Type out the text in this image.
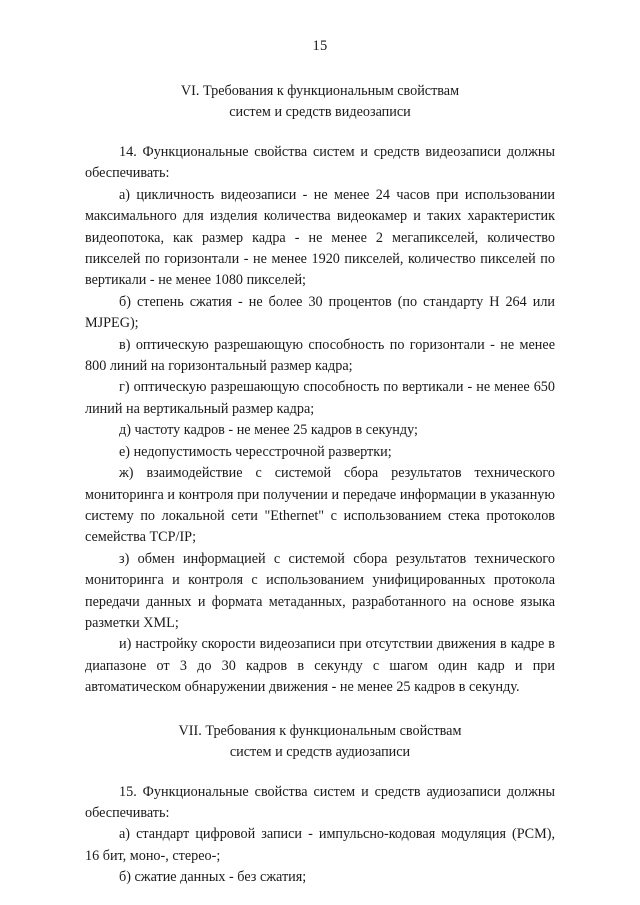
15
VI. Требования к функциональным свойствам
систем и средств видеозаписи

14. Функциональные свойства систем и средств видеозаписи должны обеспечивать:

а) цикличность видеозаписи - не менее 24 часов при использовании максимального для изделия количества видеокамер и таких характеристик видеопотока, как размер кадра - не менее 2 мегапикселей, количество пикселей по горизонтали - не менее 1920 пикселей, количество пикселей по вертикали - не менее 1080 пикселей;

б) степень сжатия - не более 30 процентов (по стандарту H 264 или MJPEG);

в) оптическую разрешающую способность по горизонтали - не менее 800 линий на горизонтальный размер кадра;

г) оптическую разрешающую способность по вертикали - не менее 650 линий на вертикальный размер кадра;

д) частоту кадров - не менее 25 кадров в секунду;

е) недопустимость чересстрочной развертки;

ж) взаимодействие с системой сбора результатов технического мониторинга и контроля при получении и передаче информации в указанную систему по локальной сети "Ethernet" с использованием стека протоколов семейства TCP/IP;

з) обмен информацией с системой сбора результатов технического мониторинга и контроля с использованием унифицированных протокола передачи данных и формата метаданных, разработанного на основе языка разметки XML;

и) настройку скорости видеозаписи при отсутствии движения в кадре в диапазоне от 3 до 30 кадров в секунду с шагом один кадр и при автоматическом обнаружении движения - не менее 25 кадров в секунду.

VII. Требования к функциональным свойствам
систем и средств аудиозаписи

15. Функциональные свойства систем и средств аудиозаписи должны обеспечивать:

а) стандарт цифровой записи - импульсно-кодовая модуляция (PCM), 16 бит, моно-, стерео-;

б) сжатие данных - без сжатия;
